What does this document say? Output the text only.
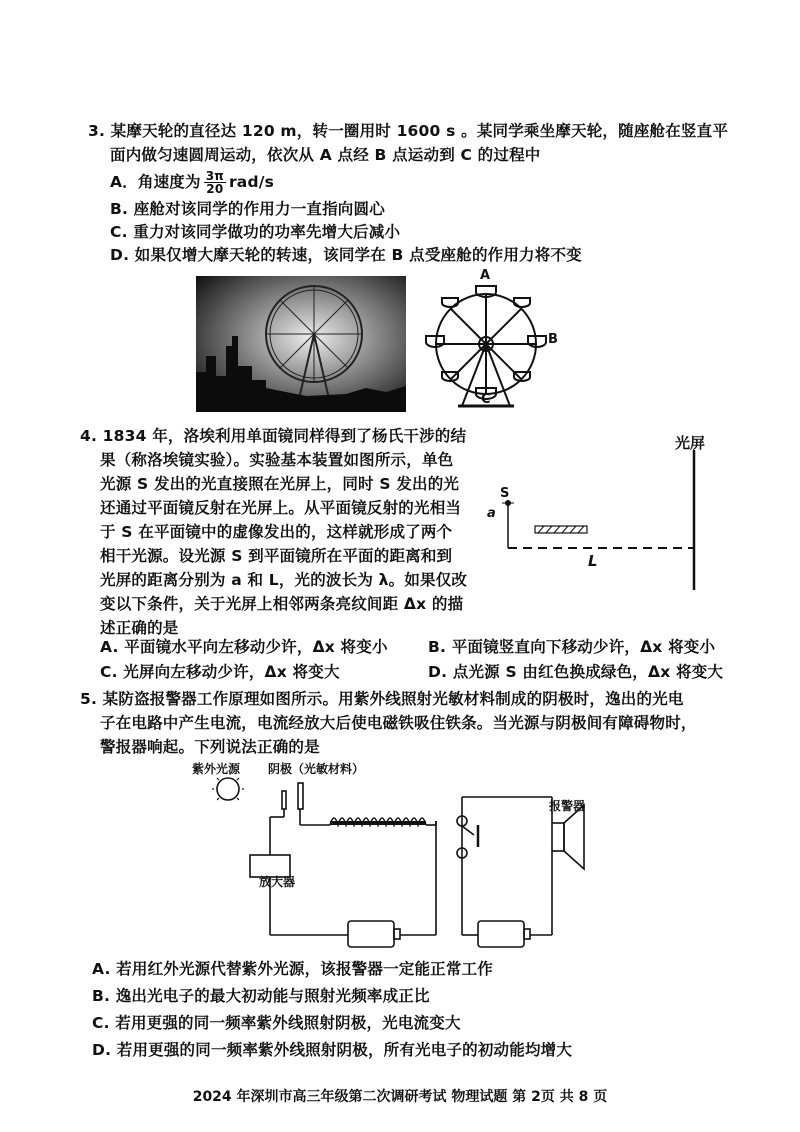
3. 某摩天轮的直径达 120 m，转一圈用时 1600 s 。某同学乘坐摩天轮，随座舱在竖直平
面内做匀速圆周运动，依次从 A 点经 B 点运动到 C 的过程中
A．角速度为 $\frac{3\pi}{20} rad/s$
B. 座舱对该同学的作用力一直指向圆心
C. 重力对该同学做功的功率先增大后减小
D. 如果仅增大摩天轮的转速，该同学在 B 点受座舱的作用力将不变
A
B
C
4. 1834 年，洛埃利用单面镜同样得到了杨氏干涉的结
果（称洛埃镜实验）。实验基本装置如图所示，单色
光源 S 发出的光直接照在光屏上，同时 S 发出的光
还通过平面镜反射在光屏上。从平面镜反射的光相当
于 S 在平面镜中的虚像发出的，这样就形成了两个
相干光源。设光源 S 到平面镜所在平面的距离和到
光屏的距离分别为 a 和 L，光的波长为 λ。如果仅改
变以下条件，关于光屏上相邻两条亮纹间距 Δx 的描
述正确的是
A. 平面镜水平向左移动少许，Δx 将变小	B. 平面镜竖直向下移动少许，Δx 将变小
C. 光屏向左移动少许，Δx 将变大	D. 点光源 S 由红色换成绿色，Δx 将变大
光屏
S
a
L
5. 某防盗报警器工作原理如图所示。用紫外线照射光敏材料制成的阴极时，逸出的光电
子在电路中产生电流，电流经放大后使电磁铁吸住铁条。当光源与阴极间有障碍物时，
警报器响起。下列说法正确的是
紫外光源 阴极（光敏材料）
放大器
报警器
A. 若用红外光源代替紫外光源，该报警器一定能正常工作
B. 逸出光电子的最大初动能与照射光频率成正比
C. 若用更强的同一频率紫外线照射阴极，光电流变大
D. 若用更强的同一频率紫外线照射阴极，所有光电子的初动能均增大
2024 年深圳市高三年级第二次调研考试 物理试题 第 2页 共 8 页
